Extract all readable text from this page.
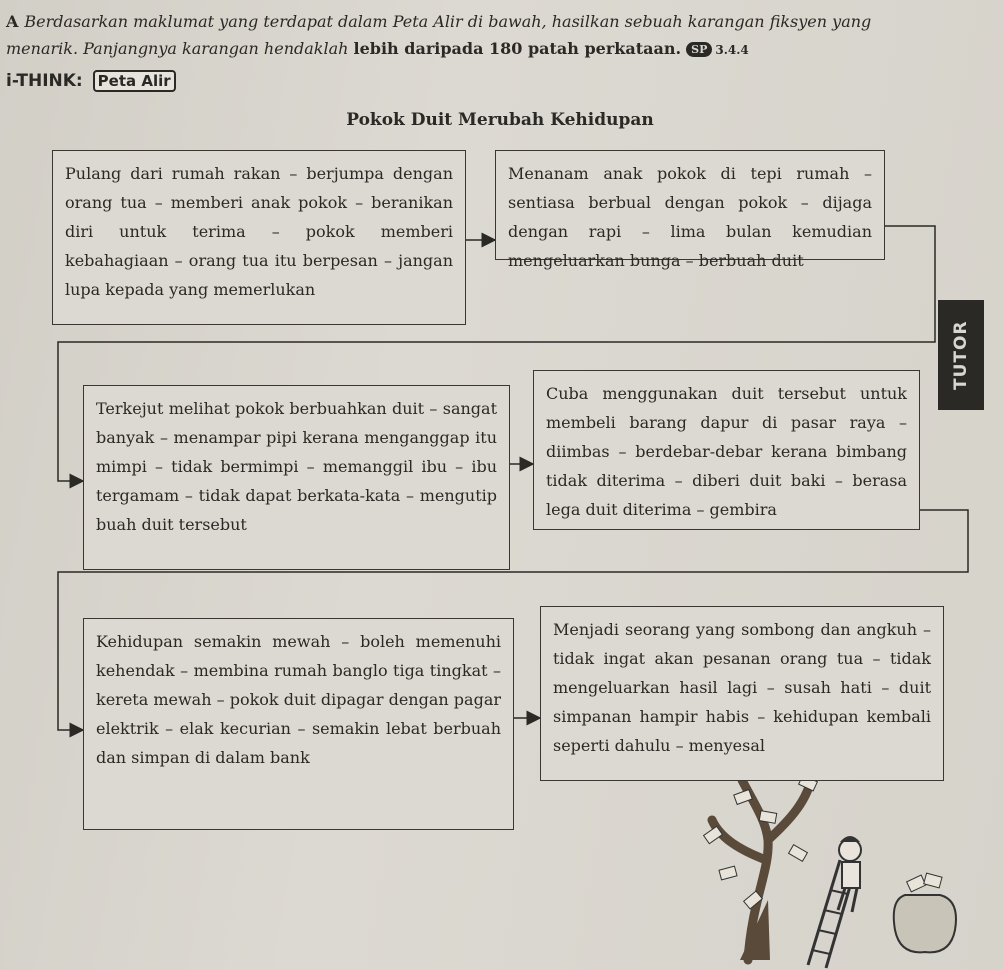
A Berdasarkan maklumat yang terdapat dalam Peta Alir di bawah, hasilkan sebuah karangan fiksyen yang menarik. Panjangnya karangan hendaklah lebih daripada 180 patah perkataan. SP 3.4.4
i-THINK: Peta Alir
Pokok Duit Merubah Kehidupan
Pulang dari rumah rakan – berjumpa dengan orang tua – memberi anak pokok – beranikan diri untuk terima – pokok memberi kebahagiaan – orang tua itu berpesan – jangan lupa kepada yang memerlukan
Menanam anak pokok di tepi rumah – sentiasa berbual dengan pokok – dijaga dengan rapi – lima bulan kemudian mengeluarkan bunga – berbuah duit
Terkejut melihat pokok berbuahkan duit – sangat banyak – menampar pipi kerana menganggap itu mimpi – tidak bermimpi – memanggil ibu – ibu tergamam – tidak dapat berkata-kata – mengutip buah duit tersebut
Cuba menggunakan duit tersebut untuk membeli barang dapur di pasar raya – diimbas – berdebar-debar kerana bimbang tidak diterima – diberi duit baki – berasa lega duit diterima – gembira
Kehidupan semakin mewah – boleh memenuhi kehendak – membina rumah banglo tiga tingkat – kereta mewah – pokok duit dipagar dengan pagar elektrik – elak kecurian – semakin lebat berbuah dan simpan di dalam bank
Menjadi seorang yang sombong dan angkuh – tidak ingat akan pesanan orang tua – tidak mengeluarkan hasil lagi – susah hati – duit simpanan hampir habis – kehidupan kembali seperti dahulu – menyesal
TUTOR
